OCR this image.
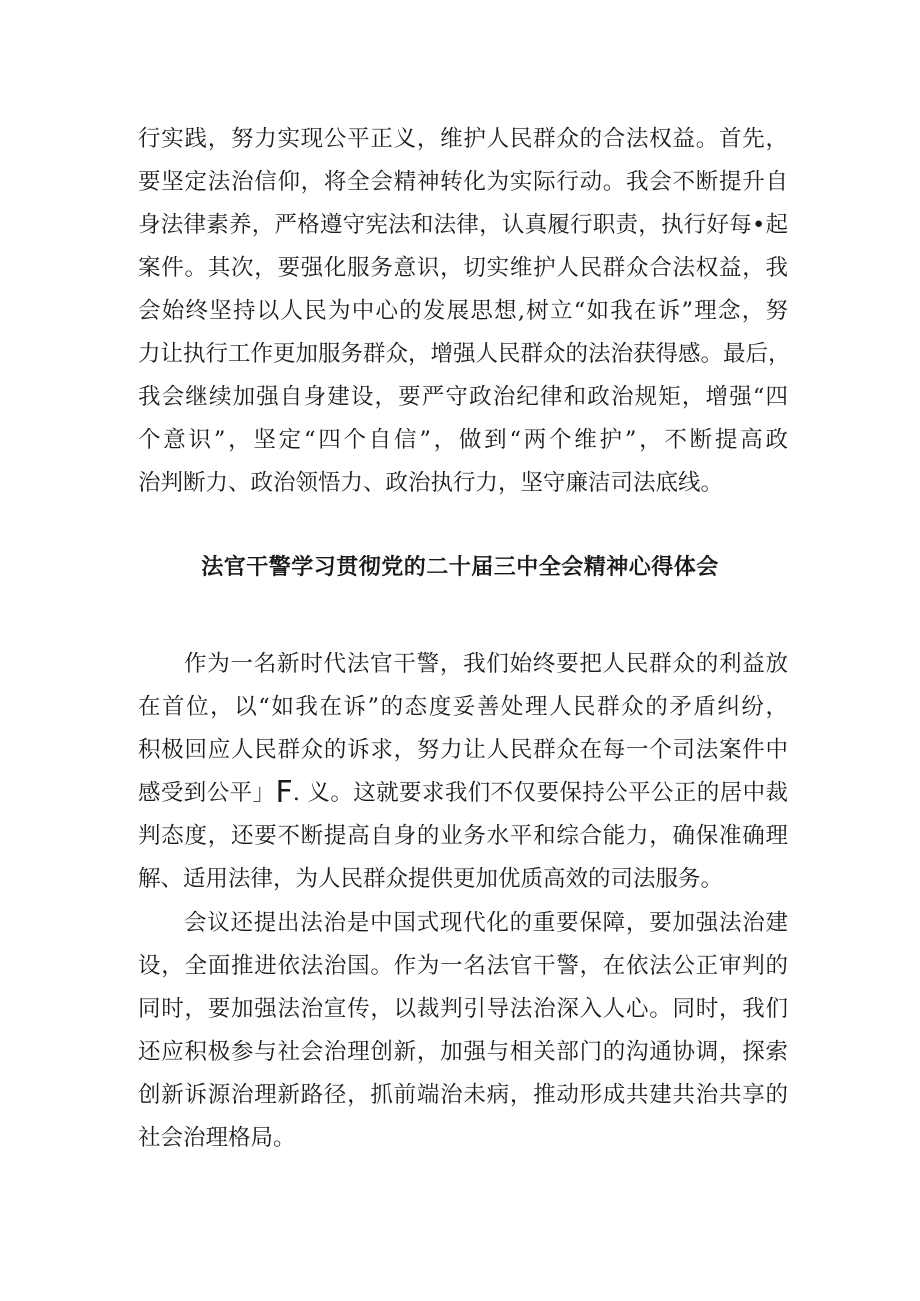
行实践，努力实现公平正义，维护人民群众的合法权益。首先，
要坚定法治信仰，将全会精神转化为实际行动。我会不断提升自
身法律素养，严格遵守宪法和法律，认真履行职责，执行好每•起
案件。其次，要强化服务意识，切实维护人民群众合法权益，我
会始终坚持以人民为中心的发展思想,树立“如我在诉”理念，努
力让执行工作更加服务群众，增强人民群众的法治获得感。最后，
我会继续加强自身建设，要严守政治纪律和政治规矩，增强“四
个意识”，坚定“四个自信”，做到“两个维护”，不断提高政
治判断力、政治领悟力、政治执行力，坚守廉洁司法底线。
法官干警学习贯彻党的二十届三中全会精神心得体会
作为一名新时代法官干警，我们始终要把人民群众的利益放
在首位，以“如我在诉”的态度妥善处理人民群众的矛盾纠纷，
积极回应人民群众的诉求，努力让人民群众在每一个司法案件中
感受到公平」F. 义。这就要求我们不仅要保持公平公正的居中裁
判态度，还要不断提高自身的业务水平和综合能力，确保准确理
解、适用法律，为人民群众提供更加优质高效的司法服务。
会议还提出法治是中国式现代化的重要保障，要加强法治建
设，全面推进依法治国。作为一名法官干警，在依法公正审判的
同时，要加强法治宣传，以裁判引导法治深入人心。同时，我们
还应积极参与社会治理创新，加强与相关部门的沟通协调，探索
创新诉源治理新路径，抓前端治未病，推动形成共建共治共享的
社会治理格局。
